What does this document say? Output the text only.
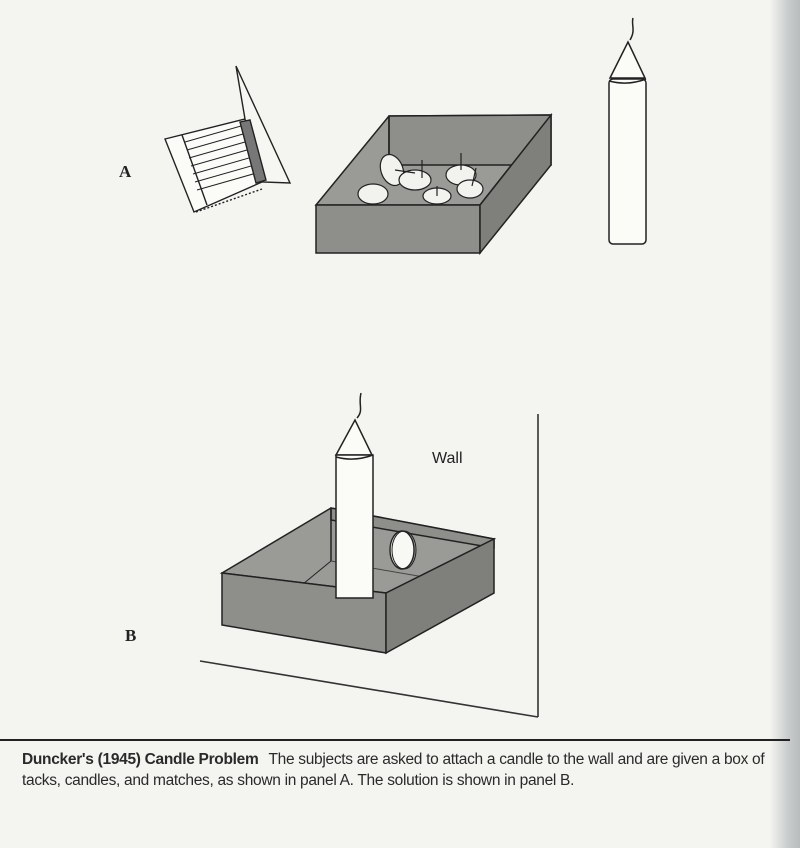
A
B
Wall
Duncker's (1945) Candle Problem The subjects are asked to attach a candle to the wall and are given a box of tacks, candles, and matches, as shown in panel A. The solution is shown in panel B.
